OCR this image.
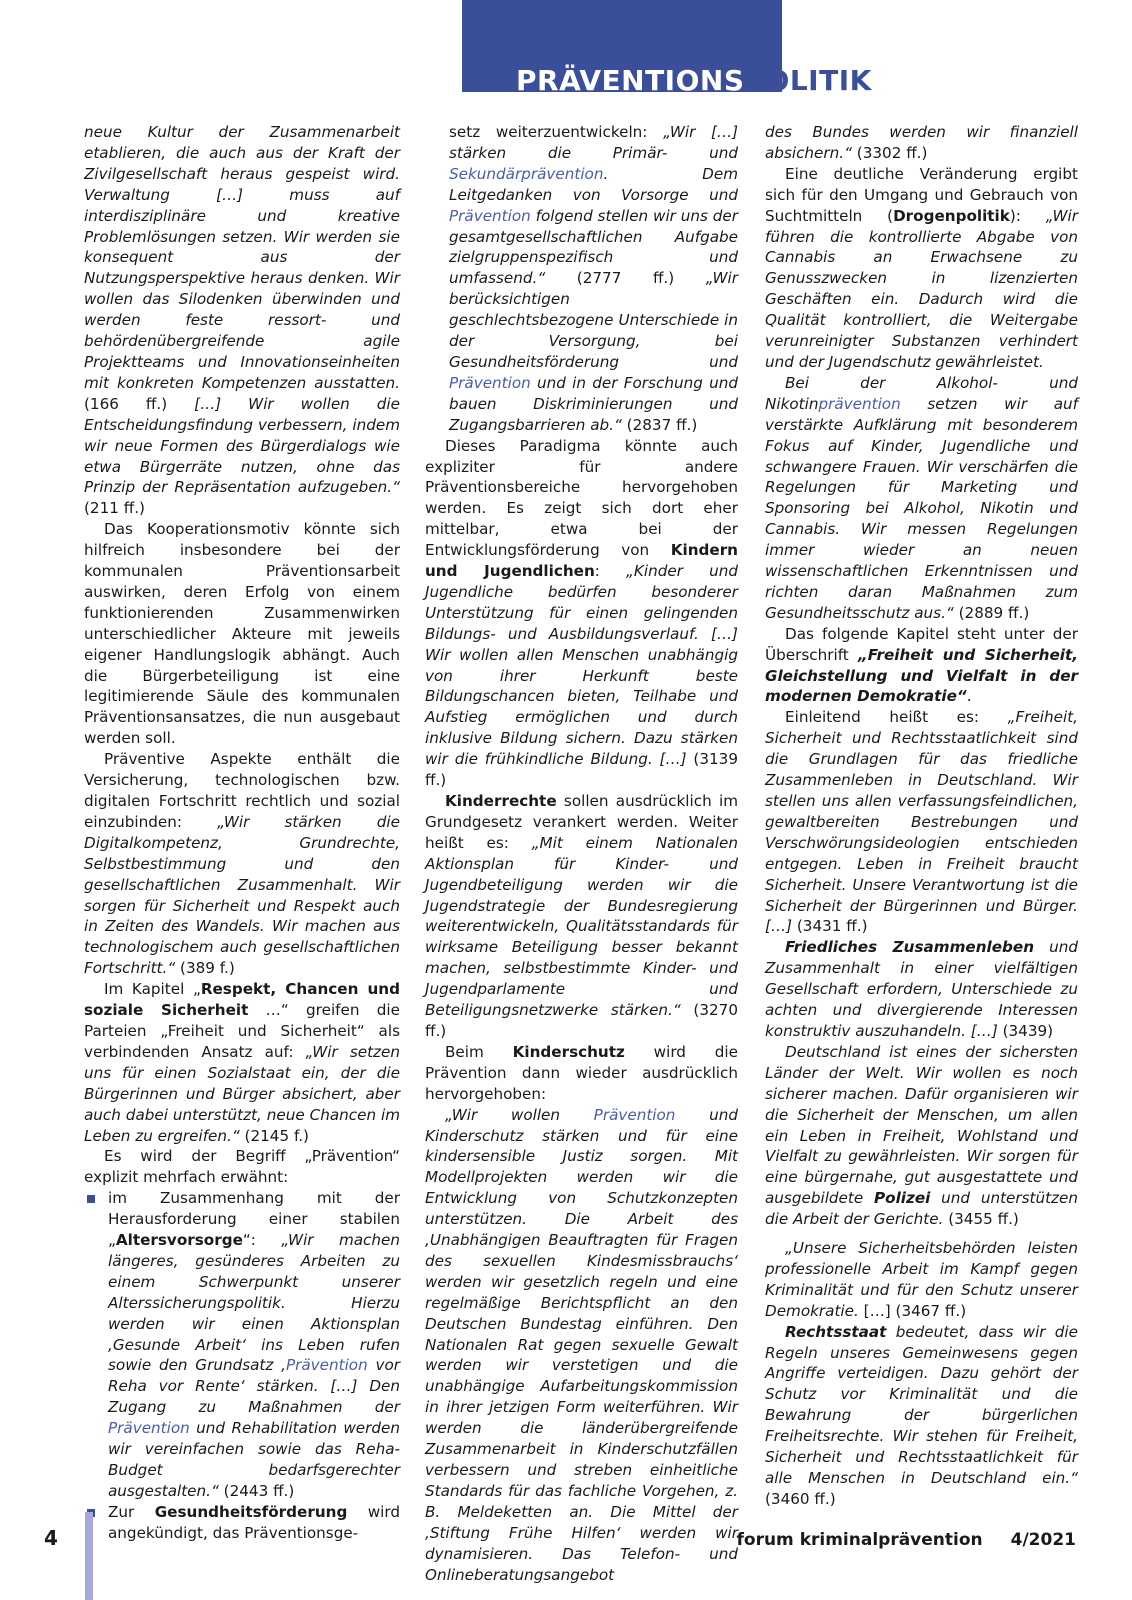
PRÄVENTIONSPOLITIK

neue Kultur der Zusammenarbeit etablieren, die auch aus der Kraft der Zivilgesellschaft heraus gespeist wird. Verwaltung […] muss auf interdisziplinäre und kreative Problemlösungen setzen. Wir werden sie konsequent aus der Nutzungsperspektive heraus denken. Wir wollen das Silodenken überwinden und werden feste ressort- und behördenübergreifende agile Projektteams und Innovationseinheiten mit konkreten Kompetenzen ausstatten. (166 ff.) […] Wir wollen die Entscheidungsfindung verbessern, indem wir neue Formen des Bürgerdialogs wie etwa Bürgerräte nutzen, ohne das Prinzip der Repräsentation aufzugeben.“ (211 ff.)

Das Kooperationsmotiv könnte sich hilfreich insbesondere bei der kommunalen Präventionsarbeit auswirken, deren Erfolg von einem funktionierenden Zusammenwirken unterschiedlicher Akteure mit jeweils eigener Handlungslogik abhängt. Auch die Bürgerbeteiligung ist eine legitimierende Säule des kommunalen Präventionsansatzes, die nun ausgebaut werden soll.

Präventive Aspekte enthält die Versicherung, technologischen bzw. digitalen Fortschritt rechtlich und sozial einzubinden: „Wir stärken die Digitalkompetenz, Grundrechte, Selbstbestimmung und den gesellschaftlichen Zusammenhalt. Wir sorgen für Sicherheit und Respekt auch in Zeiten des Wandels. Wir machen aus technologischem auch gesellschaftlichen Fortschritt.“ (389 f.)

Im Kapitel „Respekt, Chancen und soziale Sicherheit …“ greifen die Parteien „Freiheit und Sicherheit“ als verbindenden Ansatz auf: „Wir setzen uns für einen Sozialstaat ein, der die Bürgerinnen und Bürger absichert, aber auch dabei unterstützt, neue Chancen im Leben zu ergreifen.“ (2145 f.)

Es wird der Begriff „Prävention“ explizit mehrfach erwähnt:

im Zusammenhang mit der Herausforderung einer stabilen „Altersvorsorge“: „Wir machen längeres, gesünderes Arbeiten zu einem Schwerpunkt unserer Alterssicherungspolitik. Hierzu werden wir einen Aktionsplan ‚Gesunde Arbeit‘ ins Leben rufen sowie den Grundsatz ‚Prävention vor Reha vor Rente‘ stärken. […] Den Zugang zu Maßnahmen der Prävention und Rehabilitation werden wir vereinfachen sowie das Reha-Budget bedarfsgerechter ausgestalten.“ (2443 ff.)

Zur Gesundheitsförderung wird angekündigt, das Präventionsge-

setz weiterzuentwickeln: „Wir […] stärken die Primär- und Sekundärprävention. Dem Leitgedanken von Vorsorge und Prävention folgend stellen wir uns der gesamtgesellschaftlichen Aufgabe zielgruppenspezifisch und umfassend.“ (2777 ff.) „Wir berücksichtigen geschlechtsbezogene Unterschiede in der Versorgung, bei Gesundheitsförderung und Prävention und in der Forschung und bauen Diskriminierungen und Zugangsbarrieren ab.“ (2837 ff.)

Dieses Paradigma könnte auch expliziter für andere Präventionsbereiche hervorgehoben werden. Es zeigt sich dort eher mittelbar, etwa bei der Entwicklungsförderung von Kindern und Jugendlichen: „Kinder und Jugendliche bedürfen besonderer Unterstützung für einen gelingenden Bildungs- und Ausbildungsverlauf. […] Wir wollen allen Menschen unabhängig von ihrer Herkunft beste Bildungschancen bieten, Teilhabe und Aufstieg ermöglichen und durch inklusive Bildung sichern. Dazu stärken wir die frühkindliche Bildung. […] (3139 ff.)

Kinderrechte sollen ausdrücklich im Grundgesetz verankert werden. Weiter heißt es: „Mit einem Nationalen Aktionsplan für Kinder- und Jugendbeteiligung werden wir die Jugendstrategie der Bundesregierung weiterentwickeln, Qualitätsstandards für wirksame Beteiligung besser bekannt machen, selbstbestimmte Kinder- und Jugendparlamente und Beteiligungsnetzwerke stärken.“ (3270 ff.)

Beim Kinderschutz wird die Prävention dann wieder ausdrücklich hervorgehoben:

„Wir wollen Prävention und Kinderschutz stärken und für eine kindersensible Justiz sorgen. Mit Modellprojekten werden wir die Entwicklung von Schutzkonzepten unterstützen. Die Arbeit des ‚Unabhängigen Beauftragten für Fragen des sexuellen Kindesmissbrauchs‘ werden wir gesetzlich regeln und eine regelmäßige Berichtspflicht an den Deutschen Bundestag einführen. Den Nationalen Rat gegen sexuelle Gewalt werden wir verstetigen und die unabhängige Aufarbeitungskommission in ihrer jetzigen Form weiterführen. Wir werden die länderübergreifende Zusammenarbeit in Kinderschutzfällen verbessern und streben einheitliche Standards für das fachliche Vorgehen, z. B. Meldeketten an. Die Mittel der ‚Stiftung Frühe Hilfen‘ werden wir dynamisieren. Das Telefon- und Onlineberatungsangebot

des Bundes werden wir finanziell absichern.“ (3302 ff.)

Eine deutliche Veränderung ergibt sich für den Umgang und Gebrauch von Suchtmitteln (Drogenpolitik): „Wir führen die kontrollierte Abgabe von Cannabis an Erwachsene zu Genusszwecken in lizenzierten Geschäften ein. Dadurch wird die Qualität kontrolliert, die Weitergabe verunreinigter Substanzen verhindert und der Jugendschutz gewährleistet.

Bei der Alkohol- und Nikotinprävention setzen wir auf verstärkte Aufklärung mit besonderem Fokus auf Kinder, Jugendliche und schwangere Frauen. Wir verschärfen die Regelungen für Marketing und Sponsoring bei Alkohol, Nikotin und Cannabis. Wir messen Regelungen immer wieder an neuen wissenschaftlichen Erkenntnissen und richten daran Maßnahmen zum Gesundheitsschutz aus.“ (2889 ff.)

Das folgende Kapitel steht unter der Überschrift „Freiheit und Sicherheit, Gleichstellung und Vielfalt in der modernen Demokratie“.

Einleitend heißt es: „Freiheit, Sicherheit und Rechtsstaatlichkeit sind die Grundlagen für das friedliche Zusammenleben in Deutschland. Wir stellen uns allen verfassungsfeindlichen, gewaltbereiten Bestrebungen und Verschwörungsideologien entschieden entgegen. Leben in Freiheit braucht Sicherheit. Unsere Verantwortung ist die Sicherheit der Bürgerinnen und Bürger. […] (3431 ff.)

Friedliches Zusammenleben und Zusammenhalt in einer vielfältigen Gesellschaft erfordern, Unterschiede zu achten und divergierende Interessen konstruktiv auszuhandeln. […] (3439)

Deutschland ist eines der sichersten Länder der Welt. Wir wollen es noch sicherer machen. Dafür organisieren wir die Sicherheit der Menschen, um allen ein Leben in Freiheit, Wohlstand und Vielfalt zu gewährleisten. Wir sorgen für eine bürgernahe, gut ausgestattete und ausgebildete Polizei und unterstützen die Arbeit der Gerichte. (3455 ff.)

„Unsere Sicherheitsbehörden leisten professionelle Arbeit im Kampf gegen Kriminalität und für den Schutz unserer Demokratie. […] (3467 ff.)

Rechtsstaat bedeutet, dass wir die Regeln unseres Gemeinwesens gegen Angriffe verteidigen. Dazu gehört der Schutz vor Kriminalität und die Bewahrung der bürgerlichen Freiheitsrechte. Wir stehen für Freiheit, Sicherheit und Rechtsstaatlichkeit für alle Menschen in Deutschland ein.“ (3460 ff.)

4	forum kriminalprävention 4/2021
